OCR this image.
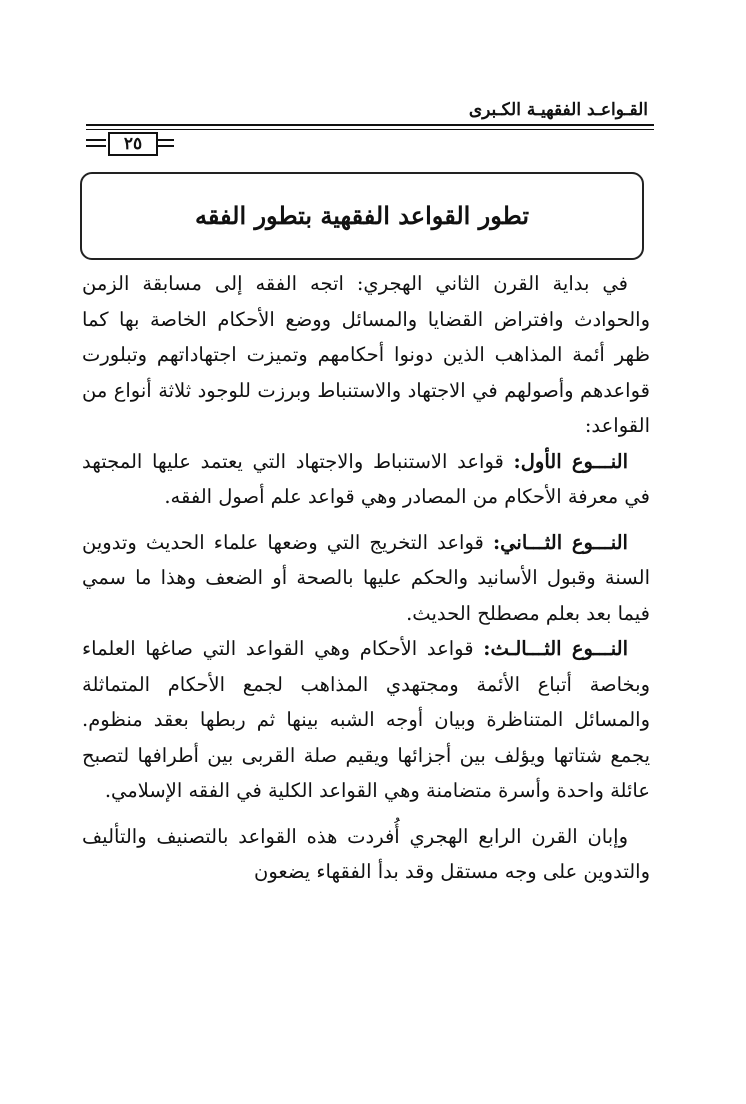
القـواعـد الفقهيـة الكـبرى
٢٥
تطور القواعد الفقهية بتطور الفقه

في بداية القرن الثاني الهجري: اتجه الفقه إلى مسابقة الزمن والحوادث وافتراض القضايا والمسائل ووضع الأحكام الخاصة بها كما ظهر أئمة المذاهب الذين دونوا أحكامهم وتميزت اجتهاداتهم وتبلورت قواعدهم وأصولهم في الاجتهاد والاستنباط وبرزت للوجود ثلاثة أنواع من القواعد:

النـــوع الأول: قواعد الاستنباط والاجتهاد التي يعتمد عليها المجتهد في معرفة الأحكام من المصادر وهي قواعد علم أصول الفقه.

النـــوع الثـــاني: قواعد التخريج التي وضعها علماء الحديث وتدوين السنة وقبول الأسانيد والحكم عليها بالصحة أو الضعف وهذا ما سمي فيما بعد بعلم مصطلح الحديث.

النـــوع الثـــالـث: قواعد الأحكام وهي القواعد التي صاغها العلماء وبخاصة أتباع الأئمة ومجتهدي المذاهب لجمع الأحكام المتماثلة والمسائل المتناظرة وبيان أوجه الشبه بينها ثم ربطها بعقد منظوم. يجمع شتاتها ويؤلف بين أجزائها ويقيم صلة القربى بين أطرافها لتصبح عائلة واحدة وأسرة متضامنة وهي القواعد الكلية في الفقه الإسلامي.

وإبان القرن الرابع الهجري أُفردت هذه القواعد بالتصنيف والتأليف والتدوين على وجه مستقل وقد بدأ الفقهاء يضعون
